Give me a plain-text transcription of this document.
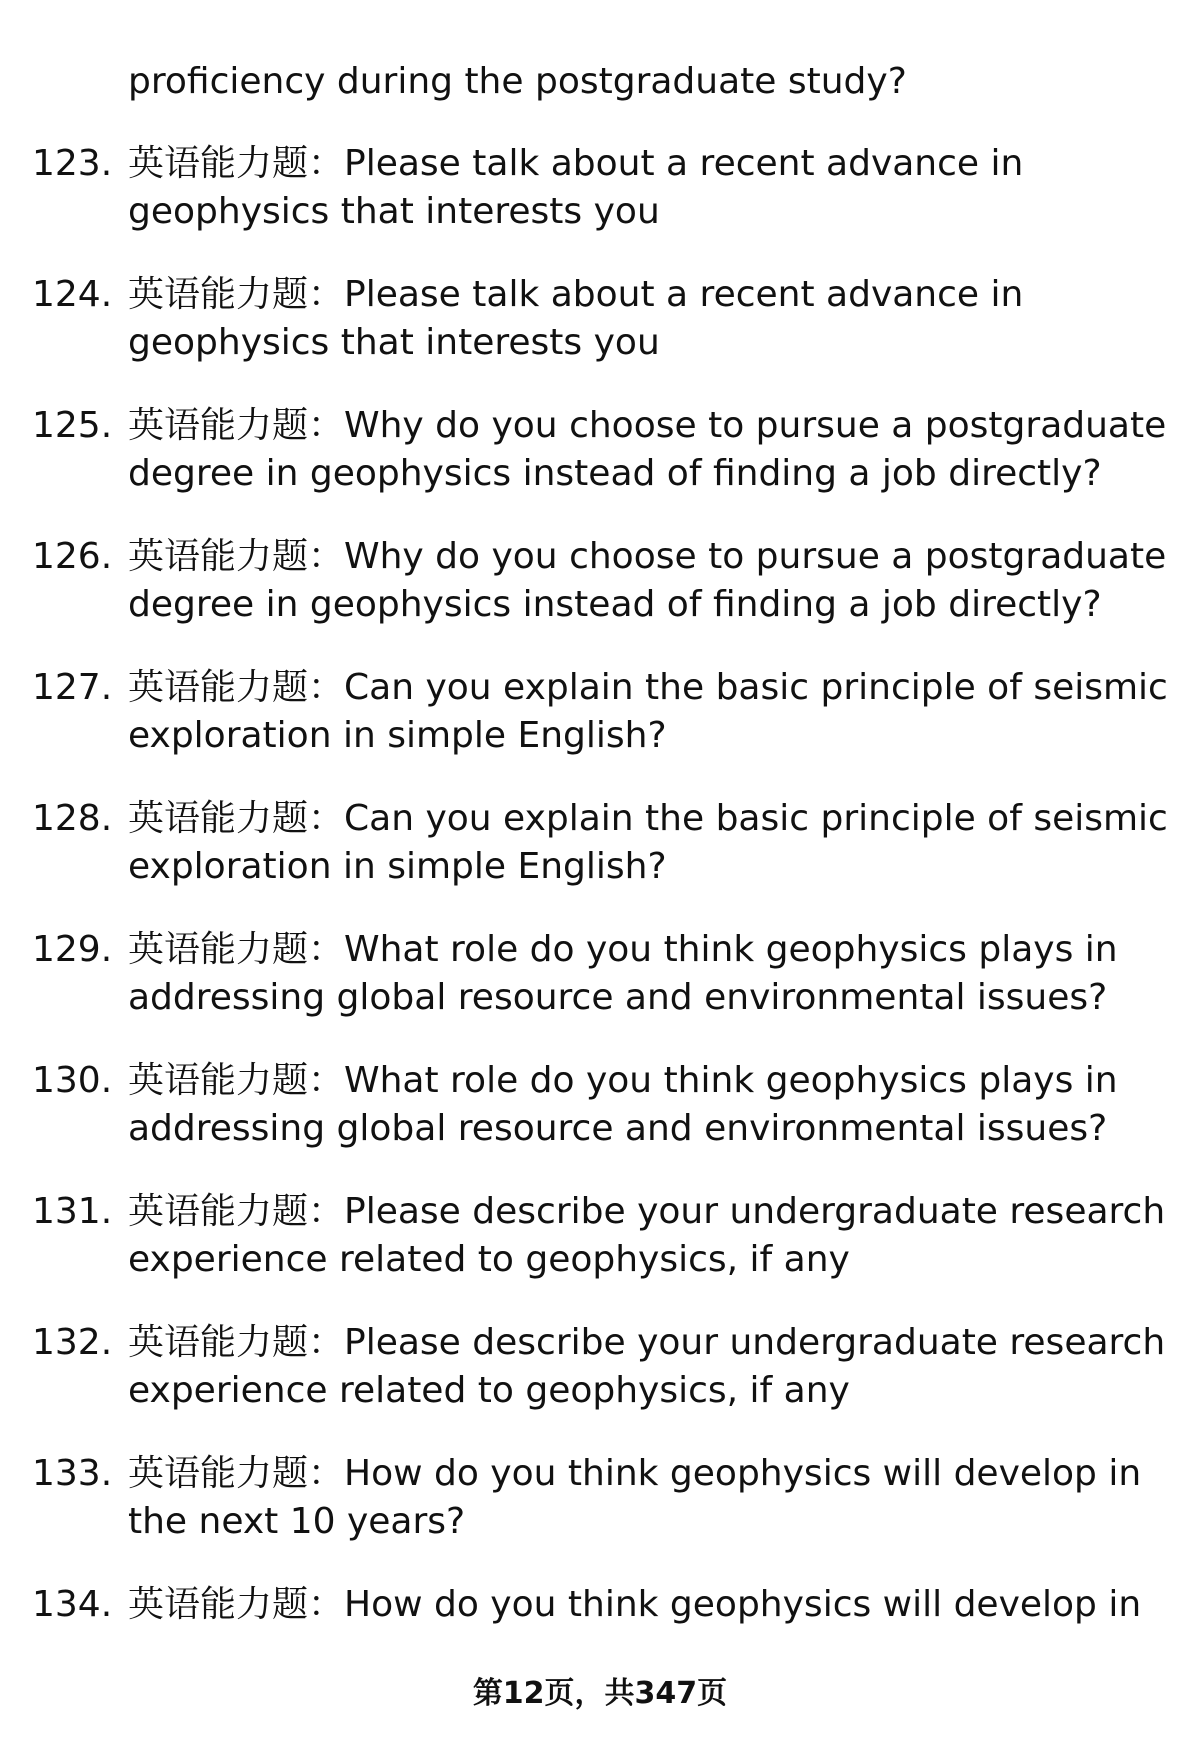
proficiency during the postgraduate study?
123. 英语能力题：Please talk about a recent advance in geophysics that interests you
124. 英语能力题：Please talk about a recent advance in geophysics that interests you
125. 英语能力题：Why do you choose to pursue a postgraduate degree in geophysics instead of finding a job directly?
126. 英语能力题：Why do you choose to pursue a postgraduate degree in geophysics instead of finding a job directly?
127. 英语能力题：Can you explain the basic principle of seismic exploration in simple English?
128. 英语能力题：Can you explain the basic principle of seismic exploration in simple English?
129. 英语能力题：What role do you think geophysics plays in addressing global resource and environmental issues?
130. 英语能力题：What role do you think geophysics plays in addressing global resource and environmental issues?
131. 英语能力题：Please describe your undergraduate research experience related to geophysics, if any
132. 英语能力题：Please describe your undergraduate research experience related to geophysics, if any
133. 英语能力题：How do you think geophysics will develop in the next 10 years?
134. 英语能力题：How do you think geophysics will develop in
第12页，共347页
